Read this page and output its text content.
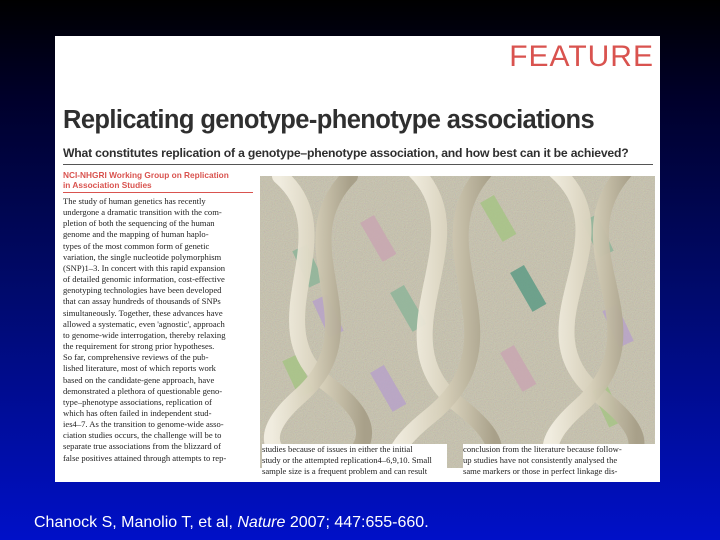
FEATURE
Replicating genotype-phenotype associations
What constitutes replication of a genotype–phenotype association, and how best can it be achieved?
NCI-NHGRI Working Group on Replication
in Association Studies
The study of human genetics has recently
undergone a dramatic transition with the com-
pletion of both the sequencing of the human
genome and the mapping of human haplo-
types of the most common form of genetic
variation, the single nucleotide polymorphism
(SNP)1–3. In concert with this rapid expansion
of detailed genomic information, cost-effective
genotyping technologies have been developed
that can assay hundreds of thousands of SNPs
simultaneously. Together, these advances have
allowed a systematic, even 'agnostic', approach
to genome-wide interrogation, thereby relaxing
the requirement for strong prior hypotheses.
So far, comprehensive reviews of the pub-
lished literature, most of which reports work
based on the candidate-gene approach, have
demonstrated a plethora of questionable geno-
type–phenotype associations, replication of
which has often failed in independent stud-
ies4–7. As the transition to genome-wide asso-
ciation studies occurs, the challenge will be to
separate true associations from the blizzard of
false positives attained through attempts to rep-
studies because of issues in either the initial
study or the attempted replication4–6,9,10. Small
sample size is a frequent problem and can result
conclusion from the literature because follow-
up studies have not consistently analysed the
same markers or those in perfect linkage dis-
Chanock S, Manolio T, et al, Nature 2007; 447:655-660.
